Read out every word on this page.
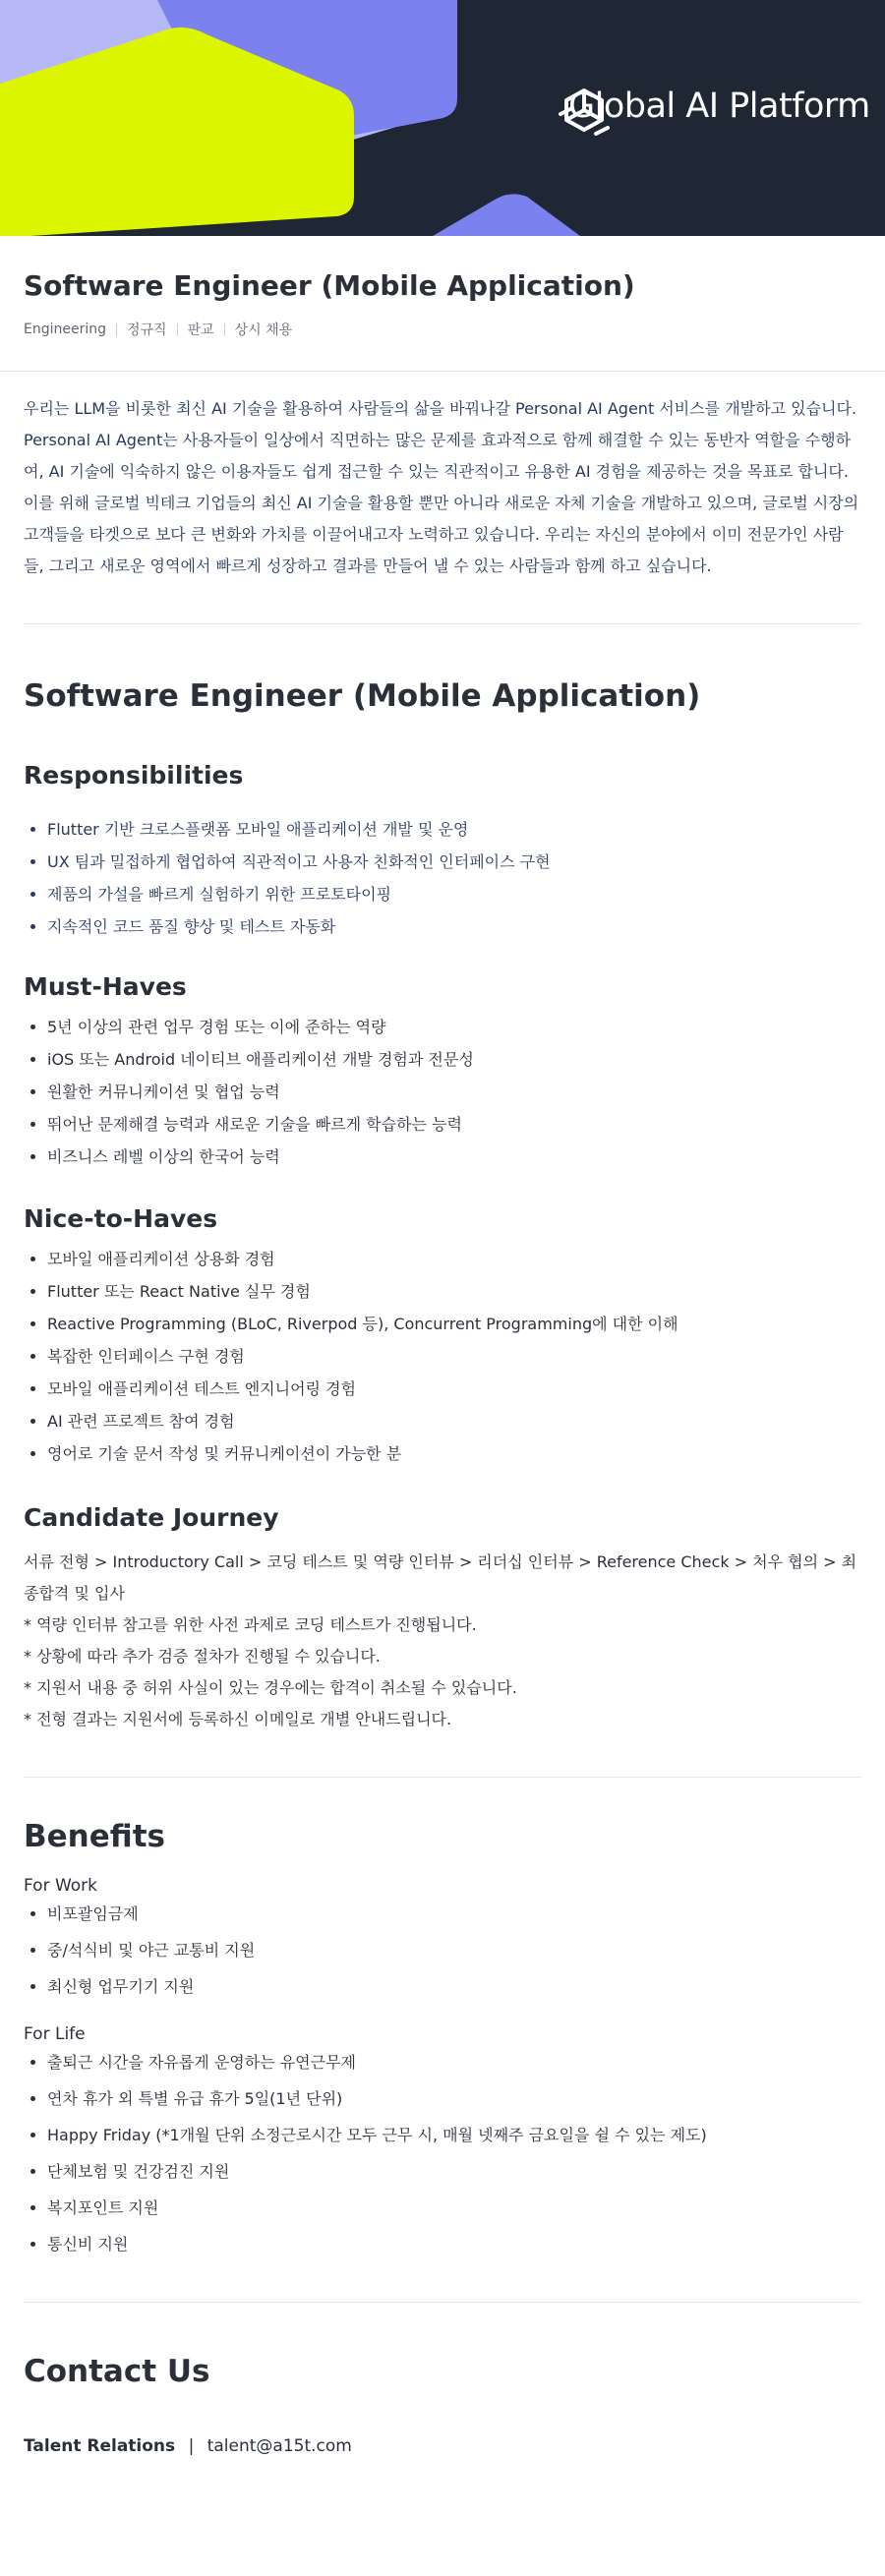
Global AI Platform
Software Engineer (Mobile Application)
Engineering 정규직 판교 상시 채용
우리는 LLM을 비롯한 최신 AI 기술을 활용하여 사람들의 삶을 바꿔나갈 Personal AI Agent 서비스를 개발하고 있습니다. Personal AI Agent는 사용자들이 일상에서 직면하는 많은 문제를 효과적으로 함께 해결할 수 있는 동반자 역할을 수행하여, AI 기술에 익숙하지 않은 이용자들도 쉽게 접근할 수 있는 직관적이고 유용한 AI 경험을 제공하는 것을 목표로 합니다. 이를 위해 글로벌 빅테크 기업들의 최신 AI 기술을 활용할 뿐만 아니라 새로운 자체 기술을 개발하고 있으며, 글로벌 시장의 고객들을 타겟으로 보다 큰 변화와 가치를 이끌어내고자 노력하고 있습니다. 우리는 자신의 분야에서 이미 전문가인 사람들, 그리고 새로운 영역에서 빠르게 성장하고 결과를 만들어 낼 수 있는 사람들과 함께 하고 싶습니다.
Software Engineer (Mobile Application)
Responsibilities
• Flutter 기반 크로스플랫폼 모바일 애플리케이션 개발 및 운영
• UX 팀과 밀접하게 협업하여 직관적이고 사용자 친화적인 인터페이스 구현
• 제품의 가설을 빠르게 실험하기 위한 프로토타이핑
• 지속적인 코드 품질 향상 및 테스트 자동화
Must-Haves
• 5년 이상의 관련 업무 경험 또는 이에 준하는 역량
• iOS 또는 Android 네이티브 애플리케이션 개발 경험과 전문성
• 원활한 커뮤니케이션 및 협업 능력
• 뛰어난 문제해결 능력과 새로운 기술을 빠르게 학습하는 능력
• 비즈니스 레벨 이상의 한국어 능력
Nice-to-Haves
• 모바일 애플리케이션 상용화 경험
• Flutter 또는 React Native 실무 경험
• Reactive Programming (BLoC, Riverpod 등), Concurrent Programming에 대한 이해
• 복잡한 인터페이스 구현 경험
• 모바일 애플리케이션 테스트 엔지니어링 경험
• AI 관련 프로젝트 참여 경험
• 영어로 기술 문서 작성 및 커뮤니케이션이 가능한 분
Candidate Journey
서류 전형 > Introductory Call > 코딩 테스트 및 역량 인터뷰 > 리더십 인터뷰 > Reference Check > 처우 협의 > 최종합격 및 입사
* 역량 인터뷰 참고를 위한 사전 과제로 코딩 테스트가 진행됩니다.
* 상황에 따라 추가 검증 절차가 진행될 수 있습니다.
* 지원서 내용 중 허위 사실이 있는 경우에는 합격이 취소될 수 있습니다.
* 전형 결과는 지원서에 등록하신 이메일로 개별 안내드립니다.
Benefits
For Work
• 비포괄임금제
• 중/석식비 및 야근 교통비 지원
• 최신형 업무기기 지원
For Life
• 출퇴근 시간을 자유롭게 운영하는 유연근무제
• 연차 휴가 외 특별 유급 휴가 5일(1년 단위)
• Happy Friday (*1개월 단위 소정근로시간 모두 근무 시, 매월 넷째주 금요일을 쉴 수 있는 제도)
• 단체보험 및 건강검진 지원
• 복지포인트 지원
• 통신비 지원
Contact Us
Talent Relations | talent@a15t.com
